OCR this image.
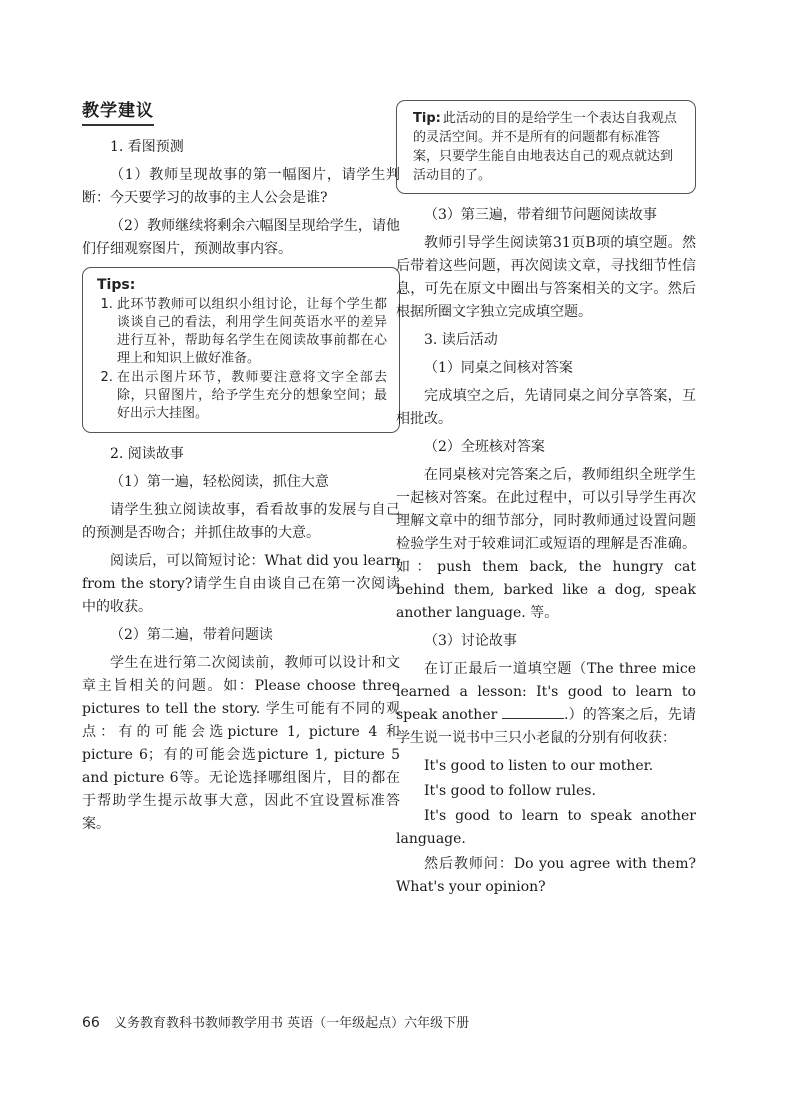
教学建议

1. 看图预测

（1）教师呈现故事的第一幅图片，请学生判断：今天要学习的故事的主人公会是谁?

（2）教师继续将剩余六幅图呈现给学生，请他们仔细观察图片，预测故事内容。

Tips:
1. 此环节教师可以组织小组讨论，让每个学生都谈谈自己的看法，利用学生间英语水平的差异进行互补，帮助每名学生在阅读故事前都在心理上和知识上做好准备。
2. 在出示图片环节，教师要注意将文字全部去除，只留图片，给予学生充分的想象空间；最好出示大挂图。

2. 阅读故事

（1）第一遍，轻松阅读，抓住大意

请学生独立阅读故事，看看故事的发展与自己的预测是否吻合；并抓住故事的大意。

阅读后，可以简短讨论：What did you learn from the story?请学生自由谈自己在第一次阅读中的收获。

（2）第二遍，带着问题读

学生在进行第二次阅读前，教师可以设计和文章主旨相关的问题。如：Please choose three pictures to tell the story. 学生可能有不同的观点：有的可能会选picture 1, picture 4 和picture 6；有的可能会选picture 1, picture 5 and picture 6等。无论选择哪组图片，目的都在于帮助学生提示故事大意，因此不宜设置标准答案。

Tip: 此活动的目的是给学生一个表达自我观点的灵活空间。并不是所有的问题都有标准答案，只要学生能自由地表达自己的观点就达到活动目的了。

（3）第三遍，带着细节问题阅读故事

教师引导学生阅读第31页B项的填空题。然后带着这些问题，再次阅读文章，寻找细节性信息，可先在原文中圈出与答案相关的文字。然后根据所圈文字独立完成填空题。

3. 读后活动

（1）同桌之间核对答案

完成填空之后，先请同桌之间分享答案，互相批改。

（2）全班核对答案

在同桌核对完答案之后，教师组织全班学生一起核对答案。在此过程中，可以引导学生再次理解文章中的细节部分，同时教师通过设置问题检验学生对于较难词汇或短语的理解是否准确。如：push them back, the hungry cat behind them, barked like a dog, speak another language. 等。

（3）讨论故事

在订正最后一道填空题（The three mice learned a lesson: It's good to learn to speak another	.）的答案之后，先请学生说一说书中三只小老鼠的分别有何收获：

It's good to listen to our mother.

It's good to follow rules.

It's good to learn to speak another language.

然后教师问：Do you agree with them? What's your opinion?

66 义务教育教科书教师教学用书 英语（一年级起点）六年级下册
